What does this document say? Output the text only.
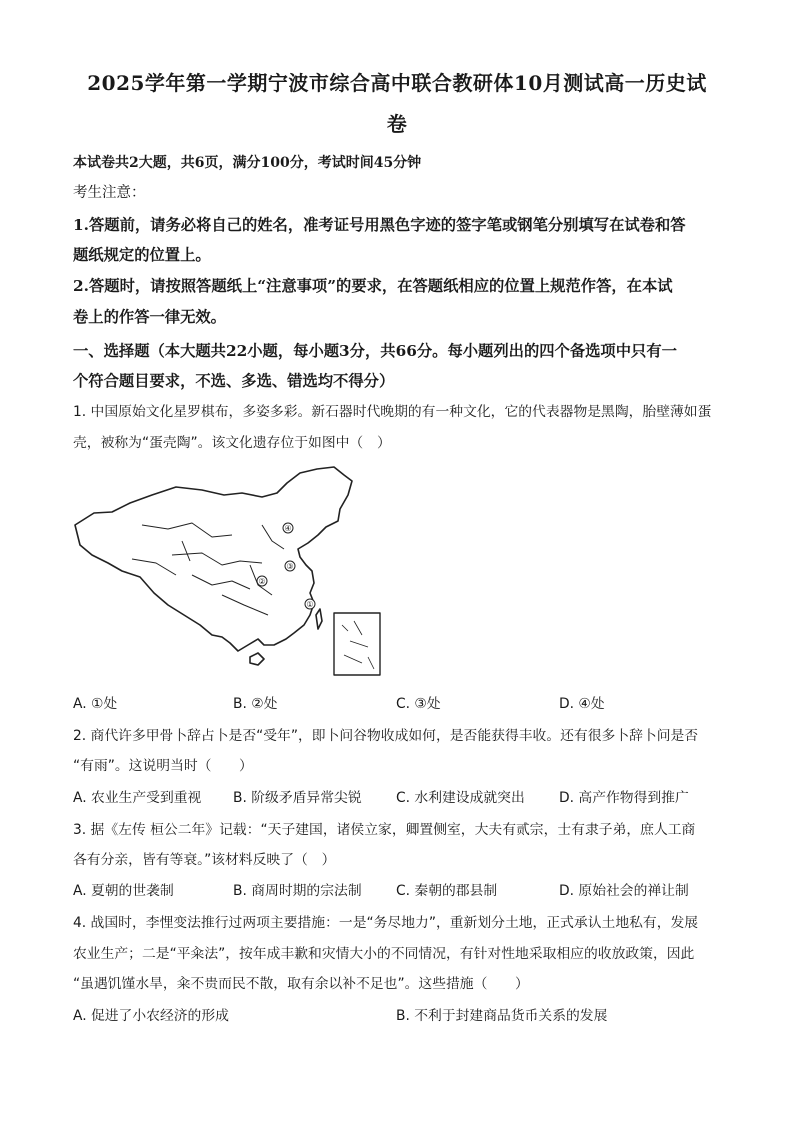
2025学年第一学期宁波市综合高中联合教研体10月测试高一历史试
卷
本试卷共2大题，共6页，满分100分，考试时间45分钟
考生注意：
1.答题前，请务必将自己的姓名，准考证号用黑色字迹的签字笔或钢笔分别填写在试卷和答
题纸规定的位置上。
2.答题时，请按照答题纸上“注意事项”的要求，在答题纸相应的位置上规范作答，在本试
卷上的作答一律无效。
一、选择题（本大题共22小题，每小题3分，共66分。每小题列出的四个备选项中只有一
个符合题目要求，不选、多选、错选均不得分）
1. 中国原始文化星罗棋布，多姿多彩。新石器时代晚期的有一种文化，它的代表器物是黑陶，胎壁薄如蛋
壳，被称为“蛋壳陶”。该文化遗存位于如图中（　）
④
③
②
①
A. ①处	B. ②处	C. ③处	D. ④处
2. 商代许多甲骨卜辞占卜是否“受年”，即卜问谷物收成如何，是否能获得丰收。还有很多卜辞卜问是否
“有雨”。这说明当时（　　）
A. 农业生产受到重视 B. 阶级矛盾异常尖锐 C. 水利建设成就突出 D. 高产作物得到推广
3. 据《左传 桓公二年》记载：“天子建国，诸侯立家，卿置侧室，大夫有贰宗，士有隶子弟，庶人工商
各有分亲，皆有等衰。”该材料反映了（　）
A. 夏朝的世袭制	B. 商周时期的宗法制 C. 秦朝的郡县制	D. 原始社会的禅让制
4. 战国时，李悝变法推行过两项主要措施：一是“务尽地力”，重新划分土地，正式承认土地私有，发展
农业生产；二是“平籴法”，按年成丰歉和灾情大小的不同情况，有针对性地采取相应的收放政策，因此
“虽遇饥馑水旱，籴不贵而民不散，取有余以补不足也”。这些措施（　　）
A. 促进了小农经济的形成	B. 不利于封建商品货币关系的发展
